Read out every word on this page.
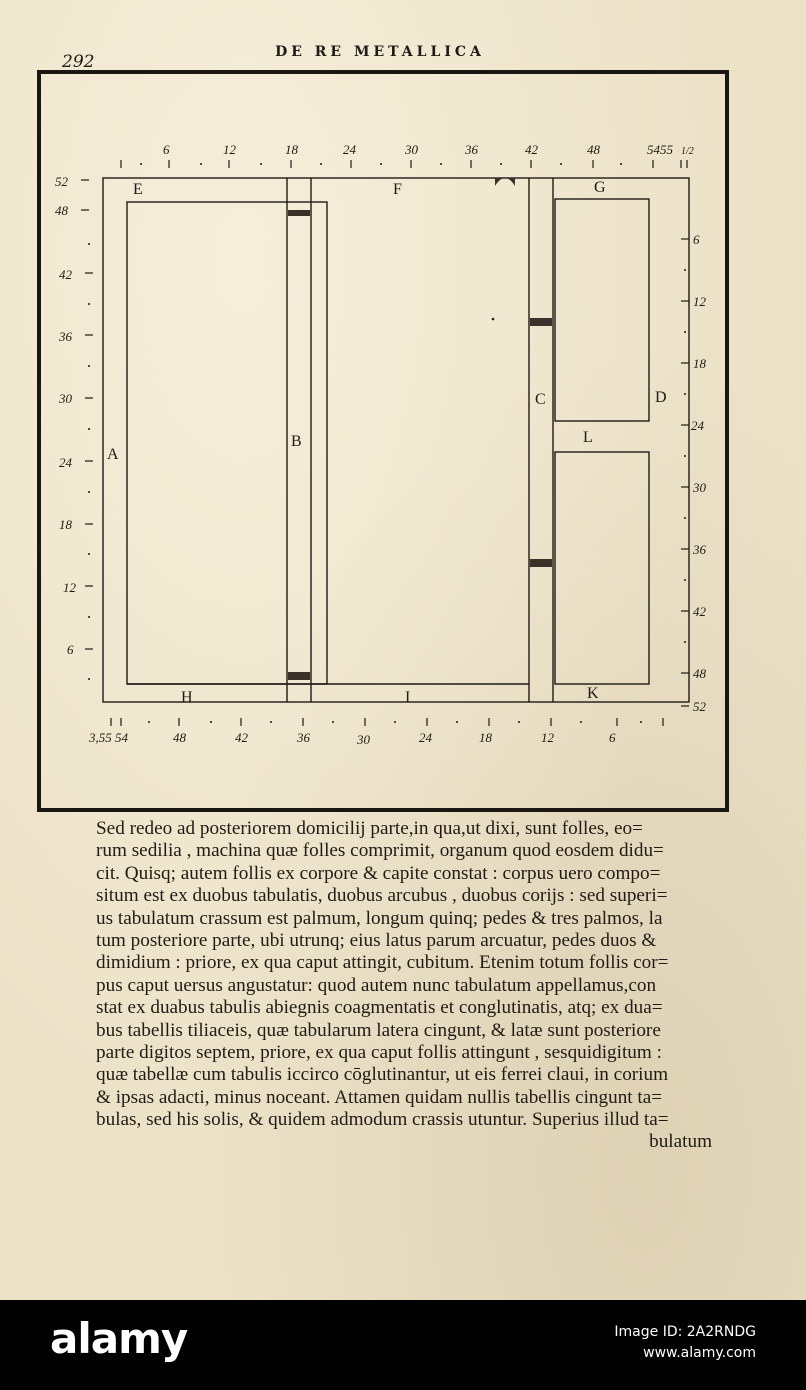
292	DE RE METALLICA
A
B
C	D
E	F	G
H	I	K
L
6	12	18	24	30	36	42	48	5455 1/2
52
48
42
36
30
24
18
12
6
6
12
18
24
30
36
42
48
52
3,55 54	48	42	36	30	24	18	12	6
Sed redeo ad posteriorem domicilij parte,in qua,ut dixi, sunt folles, eo=
rum sedilia , machina quæ folles comprimit, organum quod eosdem didu=
cit. Quisq; autem follis ex corpore & capite constat : corpus uero compo=
situm est ex duobus tabulatis, duobus arcubus , duobus corijs : sed superi=
us tabulatum crassum est palmum, longum quinq; pedes & tres palmos, la
tum posteriore parte, ubi utrunq; eius latus parum arcuatur, pedes duos &
dimidium : priore, ex qua caput attingit, cubitum. Etenim totum follis cor=
pus caput uersus angustatur: quod autem nunc tabulatum appellamus,con
stat ex duabus tabulis abiegnis coagmentatis et conglutinatis, atq; ex dua=
bus tabellis tiliaceis, quæ tabularum latera cingunt, & latæ sunt posteriore
parte digitos septem, priore, ex qua caput follis attingunt , sesquidigitum :
quæ tabellæ cum tabulis iccirco cōglutinantur, ut eis ferrei claui, in corium
& ipsas adacti, minus noceant. Attamen quidam nullis tabellis cingunt ta=
bulas, sed his solis, & quidem admodum crassis utuntur. Superius illud ta=
bulatum
alamy	Image ID: 2A2RNDG
www.alamy.com
